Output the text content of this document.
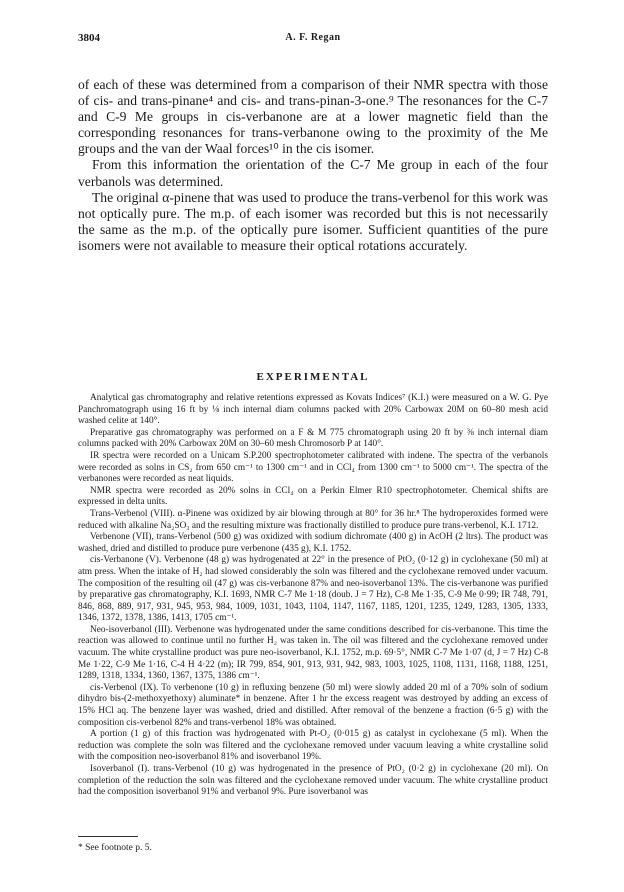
3804	A. F. Regan

of each of these was determined from a comparison of their NMR spectra with those of cis- and trans-pinane⁴ and cis- and trans-pinan-3-one.⁹ The resonances for the C-7 and C-9 Me groups in cis-verbanone are at a lower magnetic field than the corresponding resonances for trans-verbanone owing to the proximity of the Me groups and the van der Waal forces¹⁰ in the cis isomer.

From this information the orientation of the C-7 Me group in each of the four verbanols was determined.

The original α-pinene that was used to produce the trans-verbenol for this work was not optically pure. The m.p. of each isomer was recorded but this is not necessarily the same as the m.p. of the optically pure isomer. Sufficient quantities of the pure isomers were not available to measure their optical rotations accurately.

EXPERIMENTAL

Analytical gas chromatography and relative retentions expressed as Kovats Indices⁷ (K.I.) were measured on a W. G. Pye Panchromatograph using 16 ft by ⅛ inch internal diam columns packed with 20% Carbowax 20M on 60–80 mesh acid washed celite at 140°.

Preparative gas chromatography was performed on a F & M 775 chromatograph using 20 ft by ⅜ inch internal diam columns packed with 20% Carbowax 20M on 30–60 mesh Chromosorb P at 140°.

IR spectra were recorded on a Unicam S.P.200 spectrophotometer calibrated with indene. The spectra of the verbanols were recorded as solns in CS₂ from 650 cm⁻¹ to 1300 cm⁻¹ and in CCl₄ from 1300 cm⁻¹ to 5000 cm⁻¹. The spectra of the verbanones were recorded as neat liquids.

NMR spectra were recorded as 20% solns in CCl₄ on a Perkin Elmer R10 spectrophotometer. Chemical shifts are expressed in delta units.

Trans-Verbenol (VIII). α-Pinene was oxidized by air blowing through at 80° for 36 hr.⁸ The hydroperoxides formed were reduced with alkaline Na₂SO₃ and the resulting mixture was fractionally distilled to produce pure trans-verbenol, K.I. 1712.

Verbenone (VII), trans-Verbenol (500 g) was oxidized with sodium dichromate (400 g) in AcOH (2 ltrs). The product was washed, dried and distilled to produce pure verbenone (435 g), K.I. 1752.

cis-Verbanone (V). Verbenone (48 g) was hydrogenated at 22° in the presence of PtO₂ (0·12 g) in cyclohexane (50 ml) at atm press. When the intake of H₂ had slowed considerably the soln was filtered and the cyclohexane removed under vacuum. The composition of the resulting oil (47 g) was cis-verbanone 87% and neo-isoverbanol 13%. The cis-verbanone was purified by preparative gas chromatography, K.I. 1693, NMR C-7 Me 1·18 (doub. J = 7 Hz), C-8 Me 1·35, C-9 Me 0·99; IR 748, 791, 846, 868, 889, 917, 931, 945, 953, 984, 1009, 1031, 1043, 1104, 1147, 1167, 1185, 1201, 1235, 1249, 1283, 1305, 1333, 1346, 1372, 1378, 1386, 1413, 1705 cm⁻¹.

Neo-isoverbanol (III). Verbenone was hydrogenated under the same conditions described for cis-verbanone. This time the reaction was allowed to continue until no further H₂ was taken in. The oil was filtered and the cyclohexane removed under vacuum. The white crystalline product was pure neo-isoverbanol, K.I. 1752, m.p. 69·5°, NMR C-7 Me 1·07 (d, J = 7 Hz) C-8 Me 1·22, C-9 Me 1·16, C-4 H 4·22 (m); IR 799, 854, 901, 913, 931, 942, 983, 1003, 1025, 1108, 1131, 1168, 1188, 1251, 1289, 1318, 1334, 1360, 1367, 1375, 1386 cm⁻¹.

cis-Verbenol (IX). To verbenone (10 g) in refluxing benzene (50 ml) were slowly added 20 ml of a 70% soln of sodium dihydro bis-(2-methoxyethoxy) aluminate* in benzene. After 1 hr the excess reagent was destroyed by adding an excess of 15% HCl aq. The benzene layer was washed, dried and distilled. After removal of the benzene a fraction (6·5 g) with the composition cis-verbenol 82% and trans-verbenol 18% was obtained.

A portion (1 g) of this fraction was hydrogenated with Pt-O₂ (0·015 g) as catalyst in cyclohexane (5 ml). When the reduction was complete the soln was filtered and the cyclohexane removed under vacuum leaving a white crystalline solid with the composition neo-isoverbanol 81% and isoverbanol 19%.

Isoverbanol (I). trans-Verbenol (10 g) was hydrogenated in the presence of PtO₂ (0·2 g) in cyclohexane (20 ml). On completion of the reduction the soln was filtered and the cyclohexane removed under vacuum. The white crystalline product had the composition isoverbanol 91% and verbanol 9%. Pure isoverbanol was

* See footnote p. 5.
